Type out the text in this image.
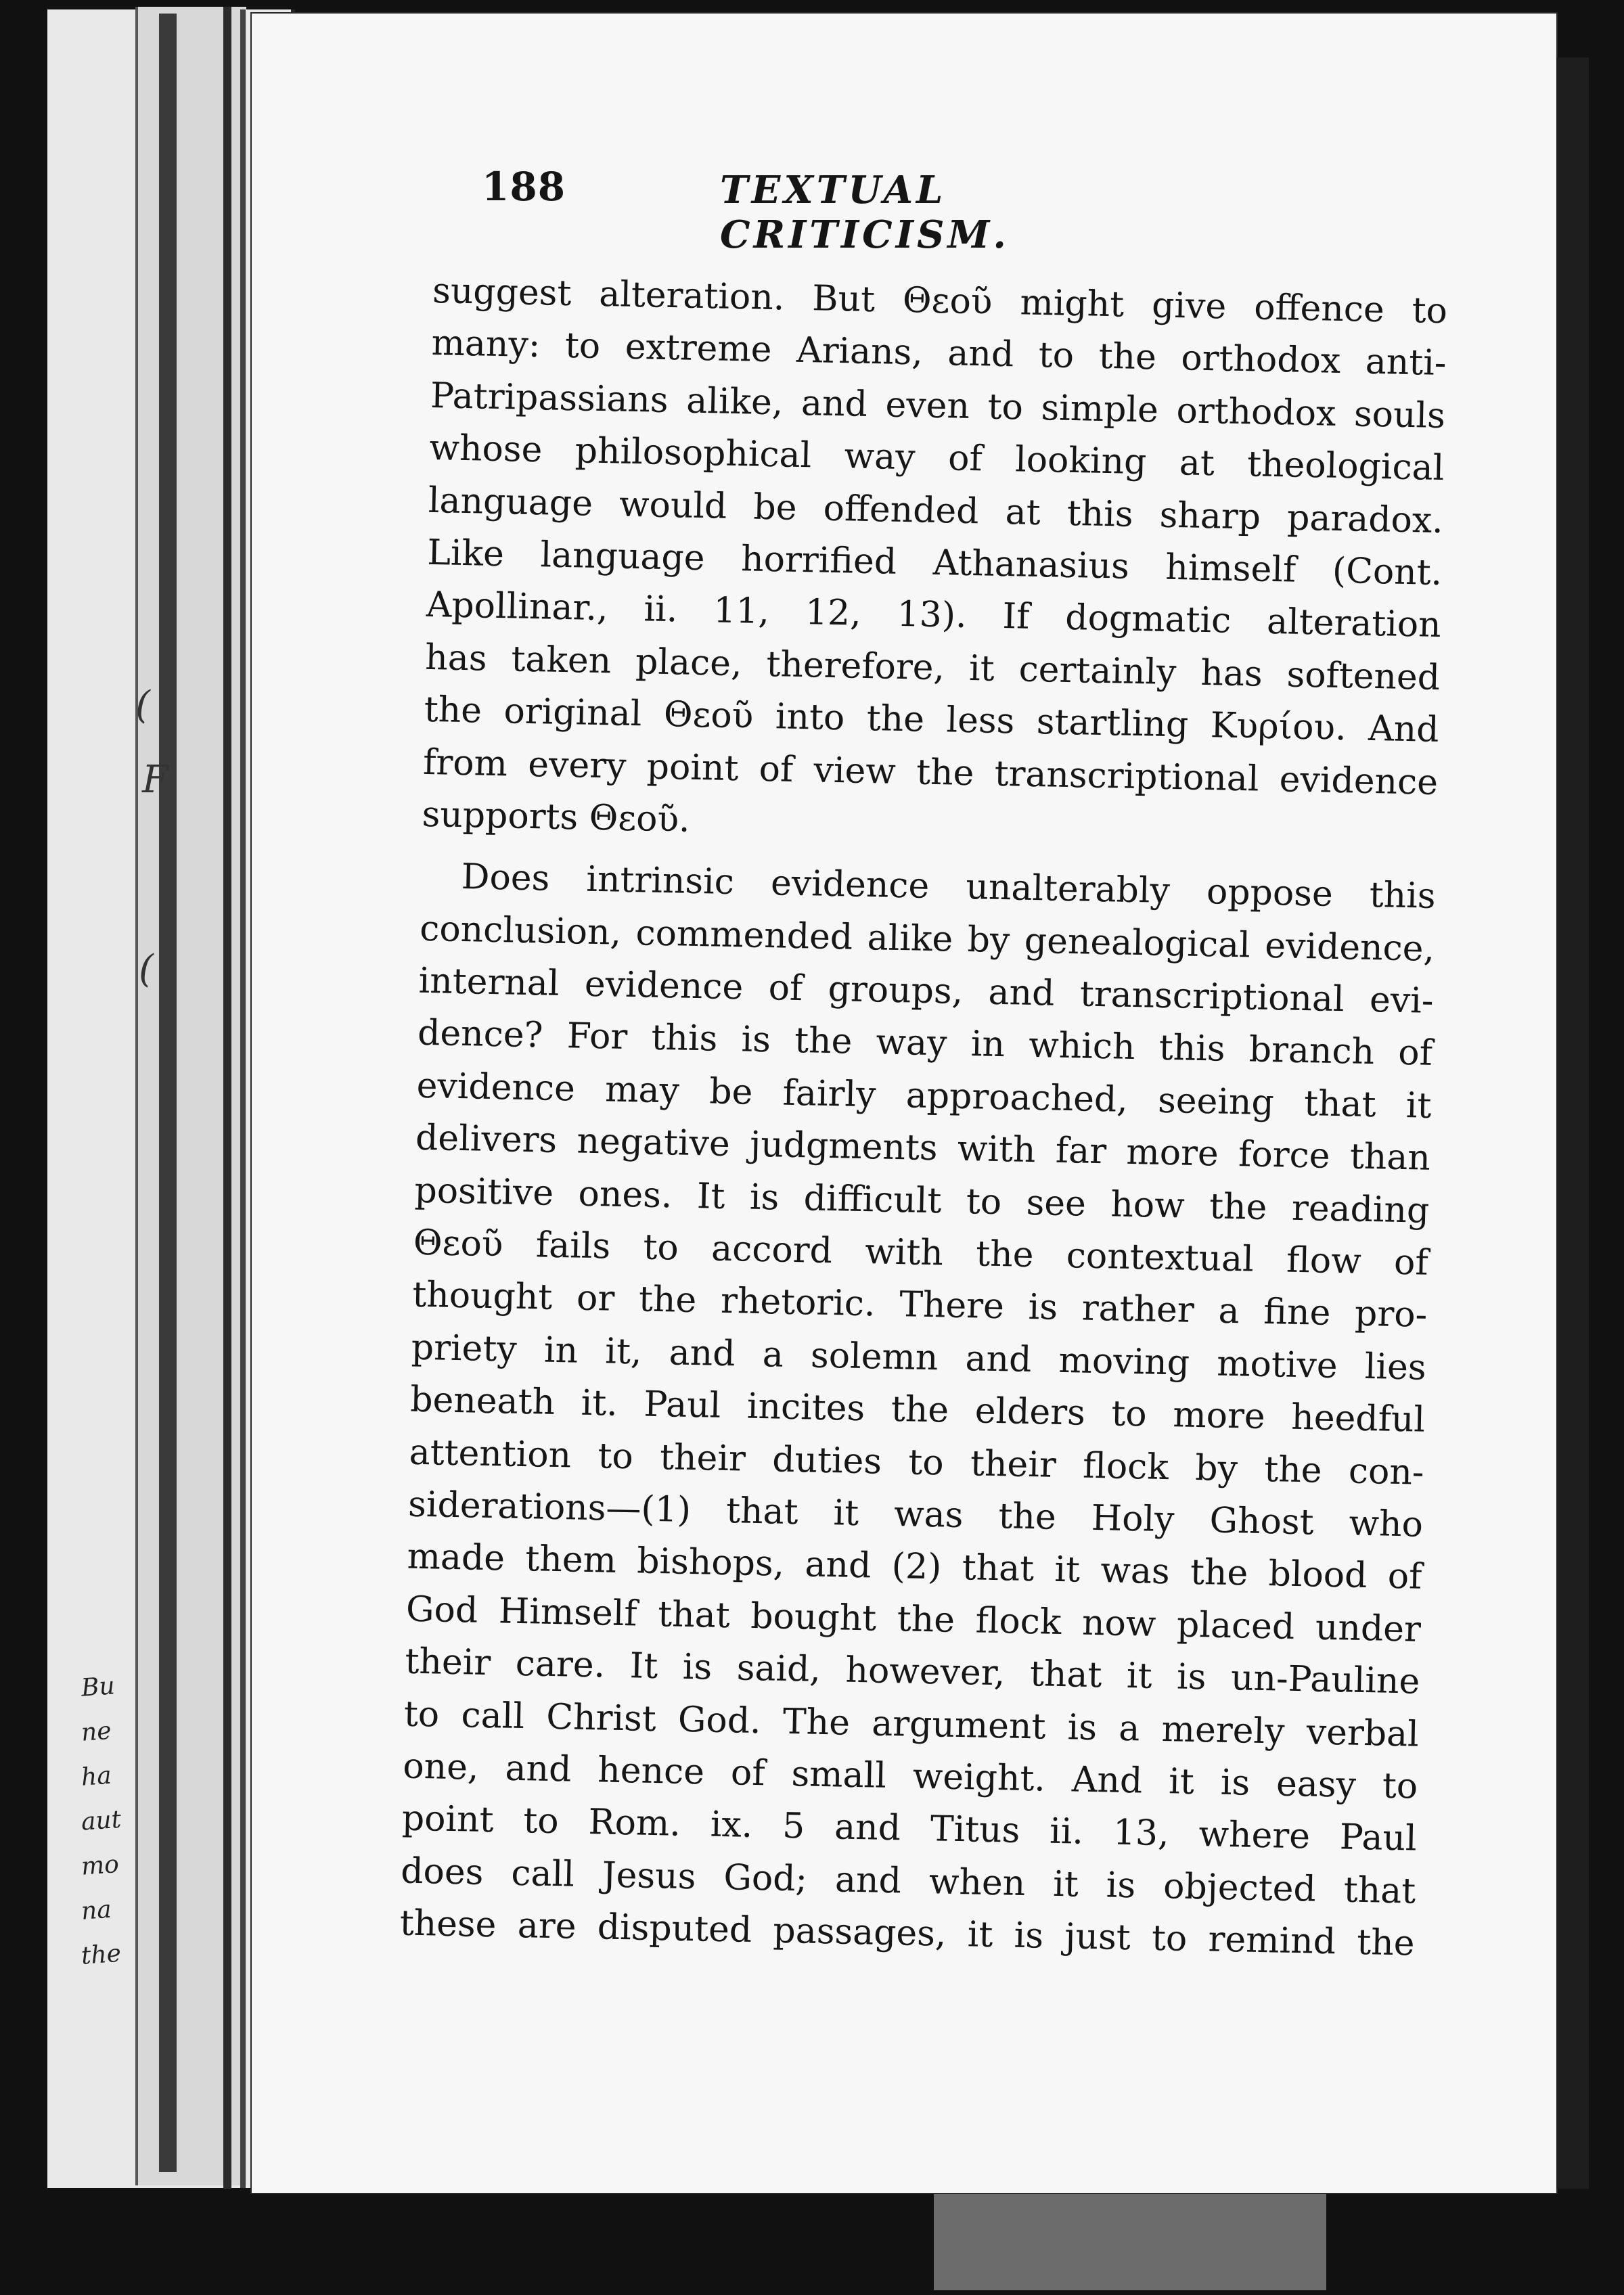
(
F
(
Bu
ne
ha
aut
mo
na
the
188	TEXTUAL CRITICISM.
suggest alteration. But Θεοῦ might give offence to
many: to extreme Arians, and to the orthodox anti-
Patripassians alike, and even to simple orthodox souls
whose philosophical way of looking at theological
language would be offended at this sharp paradox.
Like language horrified Athanasius himself (Cont.
Apollinar., ii. 11, 12, 13). If dogmatic alteration
has taken place, therefore, it certainly has softened
the original Θεοῦ into the less startling Κυρίου. And
from every point of view the transcriptional evidence
supports Θεοῦ.
Does intrinsic evidence unalterably oppose this
conclusion, commended alike by genealogical evidence,
internal evidence of groups, and transcriptional evi-
dence? For this is the way in which this branch of
evidence may be fairly approached, seeing that it
delivers negative judgments with far more force than
positive ones. It is difficult to see how the reading
Θεοῦ fails to accord with the contextual flow of
thought or the rhetoric. There is rather a fine pro-
priety in it, and a solemn and moving motive lies
beneath it. Paul incites the elders to more heedful
attention to their duties to their flock by the con-
siderations—(1) that it was the Holy Ghost who
made them bishops, and (2) that it was the blood of
God Himself that bought the flock now placed under
their care. It is said, however, that it is un-Pauline
to call Christ God. The argument is a merely verbal
one, and hence of small weight. And it is easy to
point to Rom. ix. 5 and Titus ii. 13, where Paul
does call Jesus God; and when it is objected that
these are disputed passages, it is just to remind the
